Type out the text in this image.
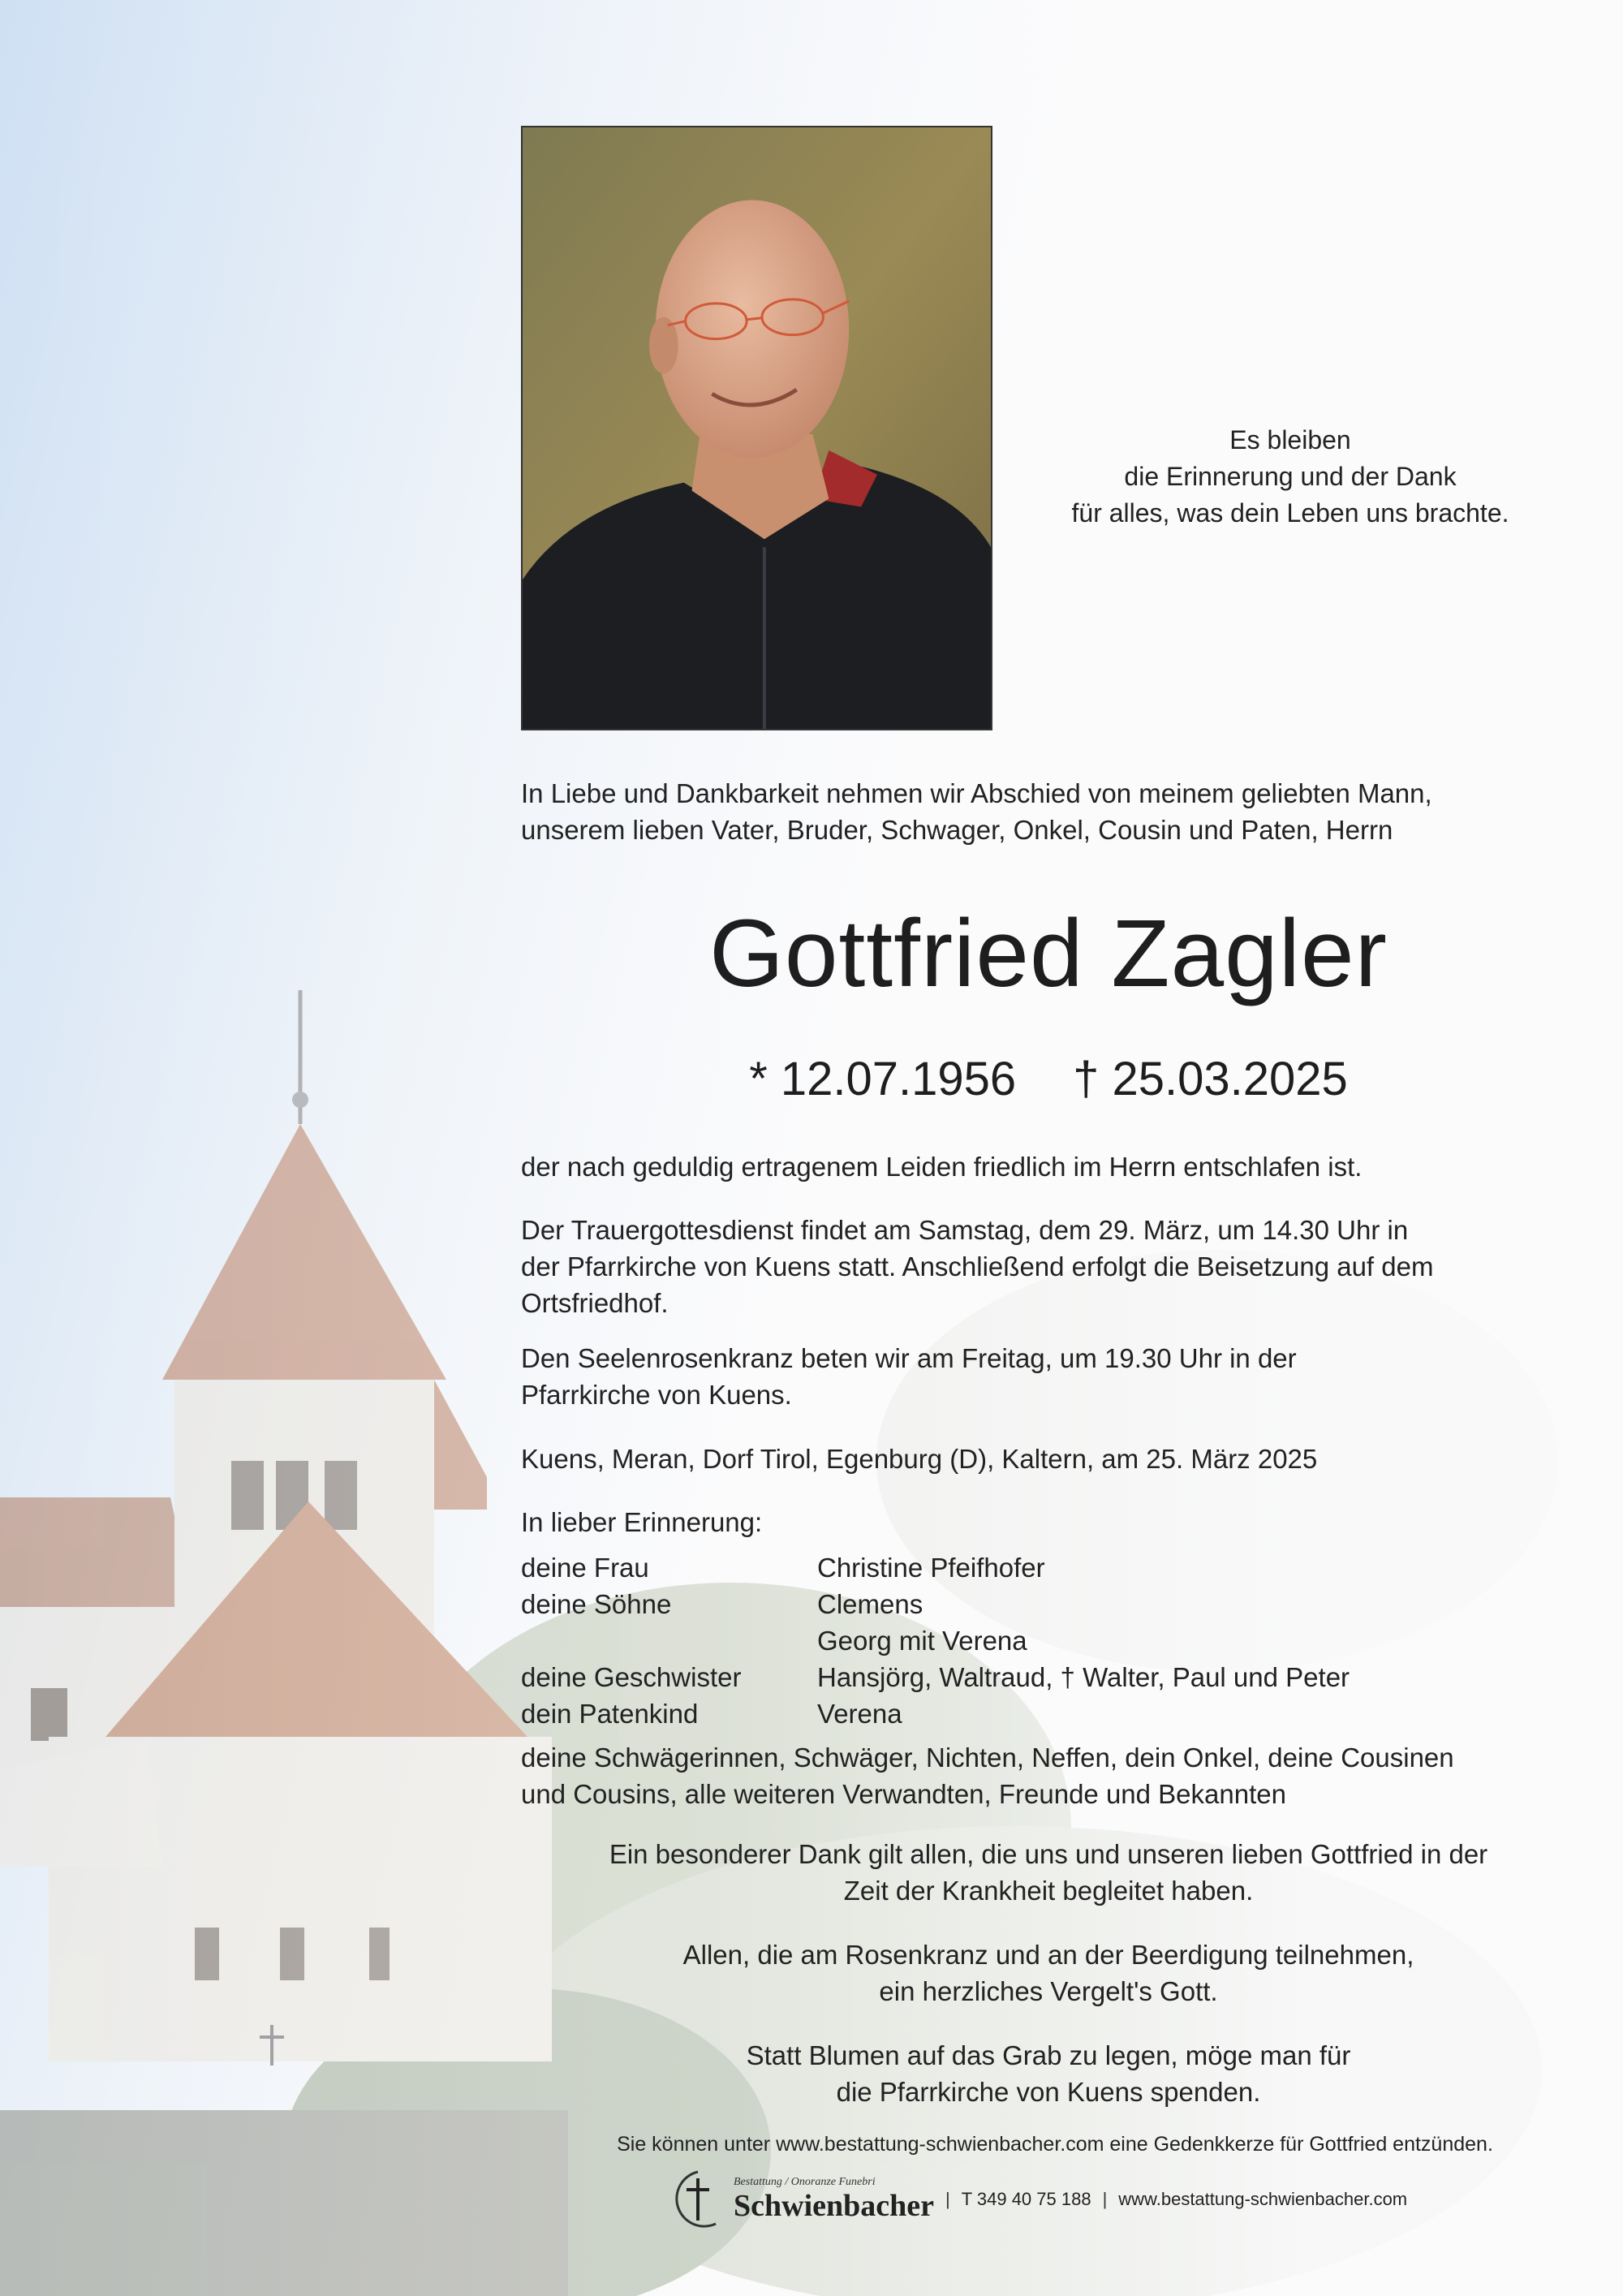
Es bleiben
die Erinnerung und der Dank
für alles, was dein Leben uns brachte.
In Liebe und Dankbarkeit nehmen wir Abschied von meinem geliebten Mann,
unserem lieben Vater, Bruder, Schwager, Onkel, Cousin und Paten, Herrn
Gottfried Zagler
* 12.07.1956 † 25.03.2025
der nach geduldig ertragenem Leiden friedlich im Herrn entschlafen ist.
Der Trauergottesdienst findet am Samstag, dem 29. März, um 14.30 Uhr in
der Pfarrkirche von Kuens statt. Anschließend erfolgt die Beisetzung auf dem
Ortsfriedhof.
Den Seelenrosenkranz beten wir am Freitag, um 19.30 Uhr in der
Pfarrkirche von Kuens.
Kuens, Meran, Dorf Tirol, Egenburg (D), Kaltern, am 25. März 2025
In lieber Erinnerung:
deine Frau	Christine Pfeifhofer
deine Söhne	Clemens
Georg mit Verena
deine Geschwister	Hansjörg, Waltraud, † Walter, Paul und Peter
dein Patenkind	Verena
deine Schwägerinnen, Schwäger, Nichten, Neffen, dein Onkel, deine Cousinen
und Cousins, alle weiteren Verwandten, Freunde und Bekannten
Ein besonderer Dank gilt allen, die uns und unseren lieben Gottfried in der
Zeit der Krankheit begleitet haben.
Allen, die am Rosenkranz und an der Beerdigung teilnehmen,
ein herzliches Vergelt's Gott.
Statt Blumen auf das Grab zu legen, möge man für
die Pfarrkirche von Kuens spenden.
Sie können unter www.bestattung-schwienbacher.com eine Gedenkkerze für Gottfried entzünden.
Bestattung / Onoranze Funebri
Schwienbacher | T 349 40 75 188 | www.bestattung-schwienbacher.com
